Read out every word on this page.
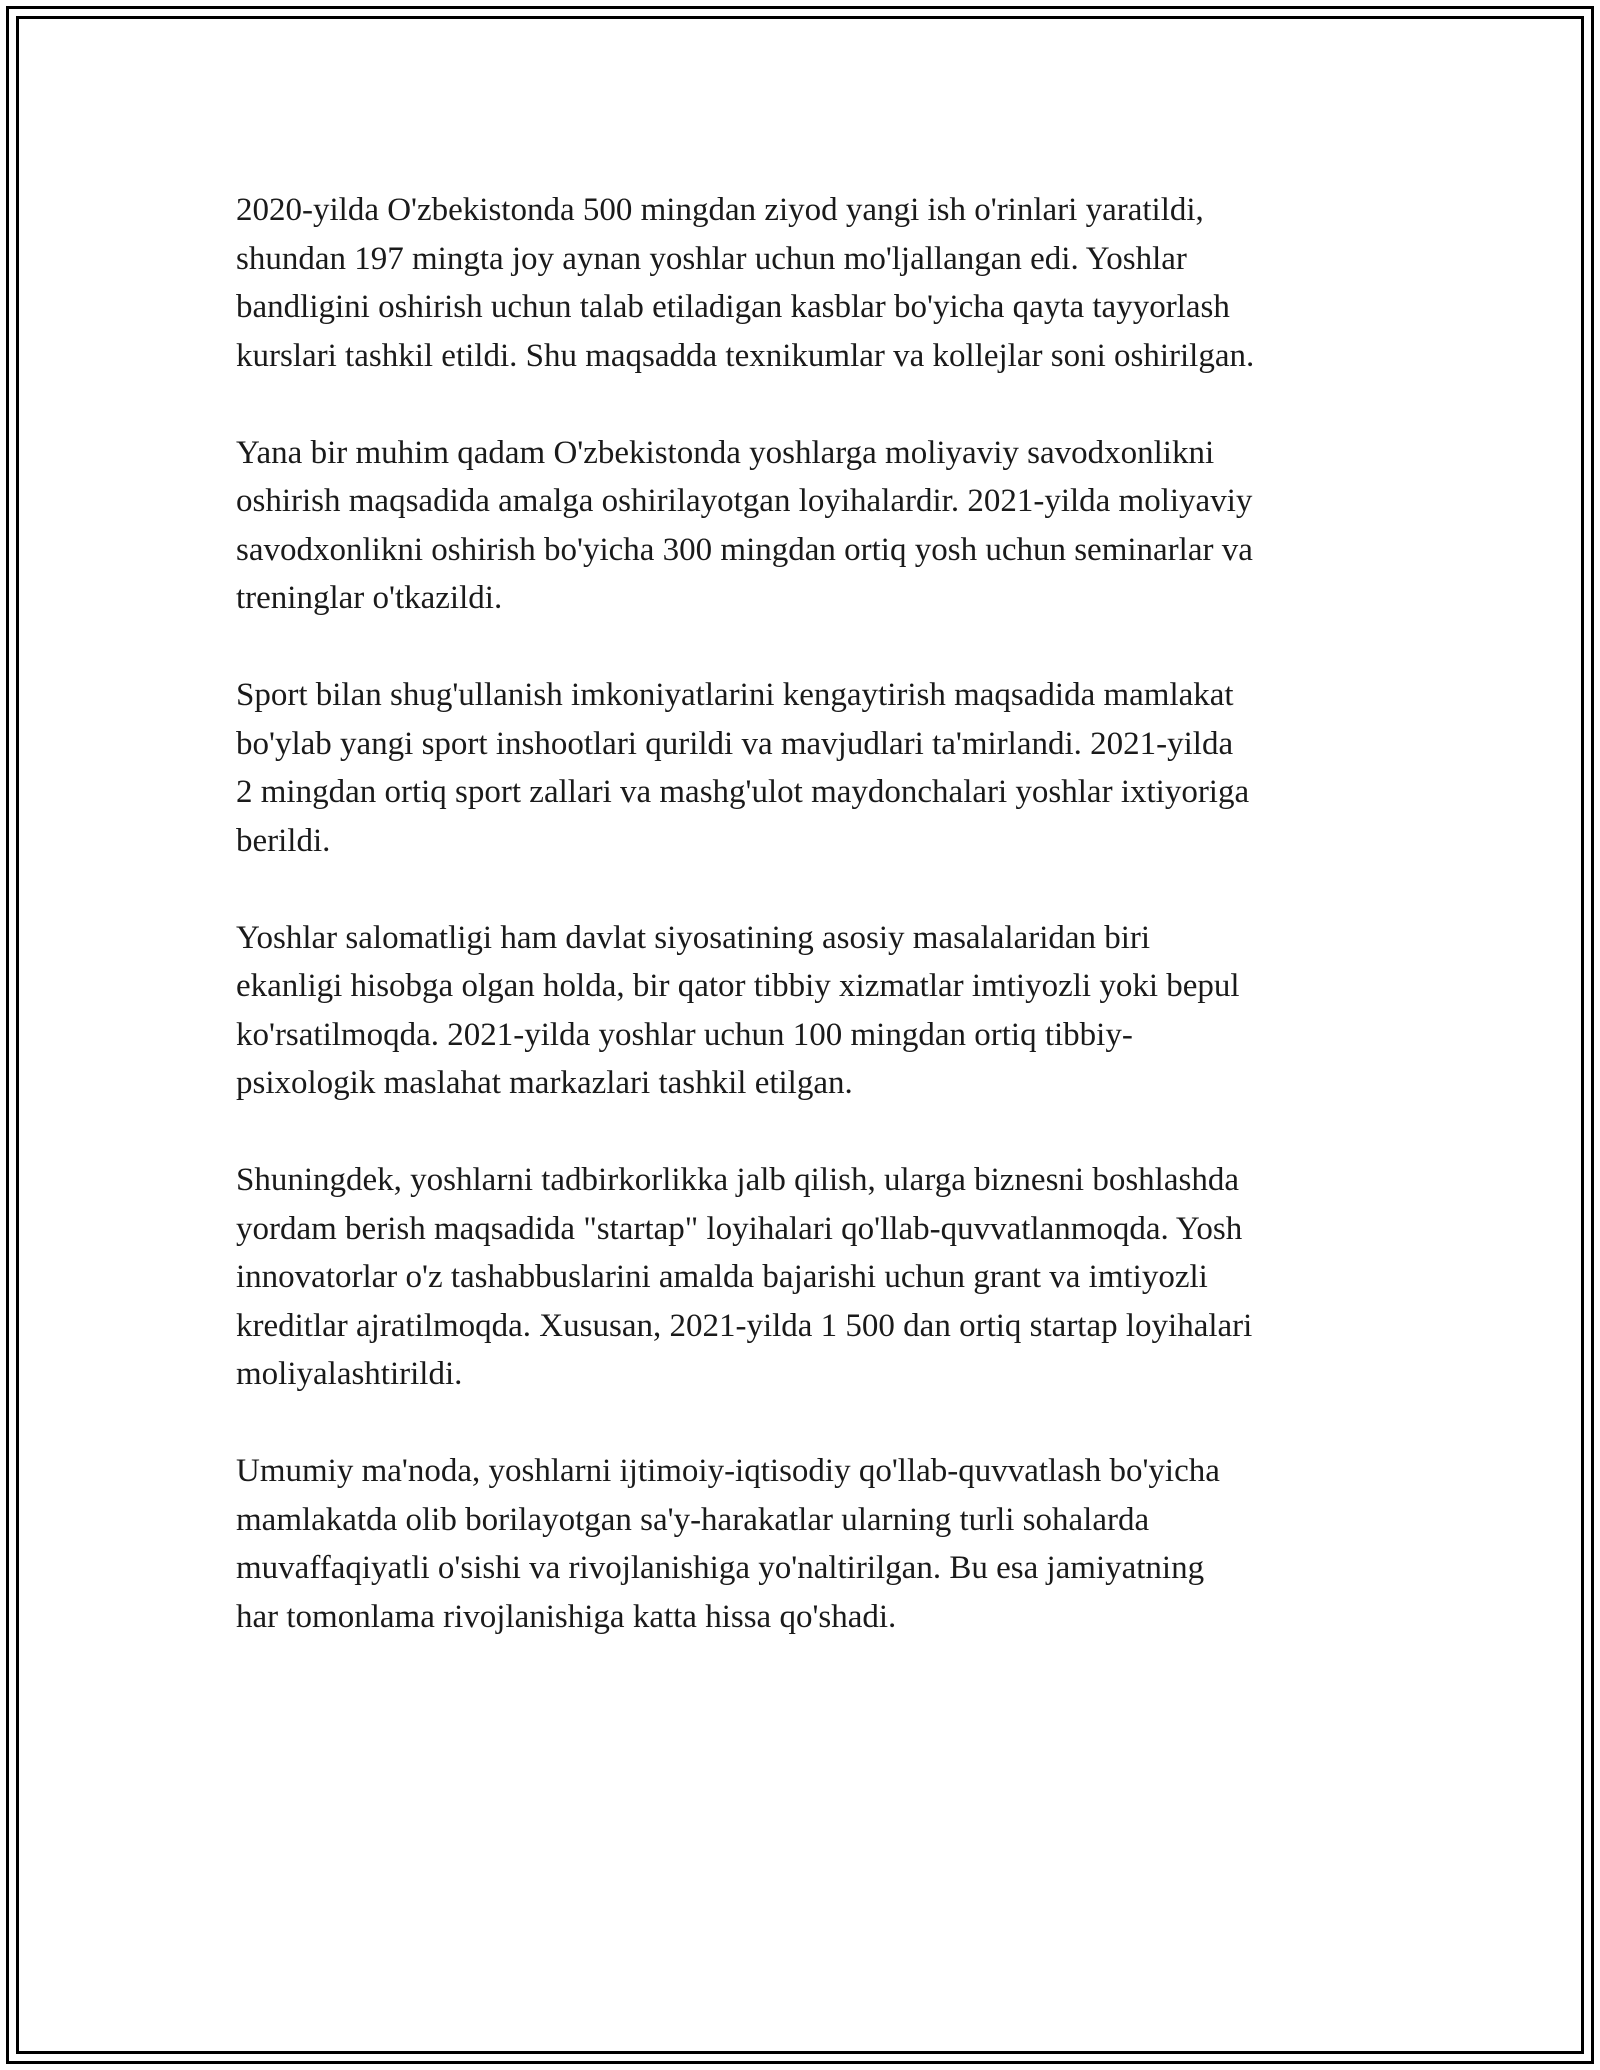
2020-yilda O'zbekistonda 500 mingdan ziyod yangi ish o'rinlari yaratildi,
shundan 197 mingta joy aynan yoshlar uchun mo'ljallangan edi. Yoshlar
bandligini oshirish uchun talab etiladigan kasblar bo'yicha qayta tayyorlash
kurslari tashkil etildi. Shu maqsadda texnikumlar va kollejlar soni oshirilgan.

Yana bir muhim qadam O'zbekistonda yoshlarga moliyaviy savodxonlikni
oshirish maqsadida amalga oshirilayotgan loyihalardir. 2021-yilda moliyaviy
savodxonlikni oshirish bo'yicha 300 mingdan ortiq yosh uchun seminarlar va
treninglar o'tkazildi.

Sport bilan shug'ullanish imkoniyatlarini kengaytirish maqsadida mamlakat
bo'ylab yangi sport inshootlari qurildi va mavjudlari ta'mirlandi. 2021-yilda
2 mingdan ortiq sport zallari va mashg'ulot maydonchalari yoshlar ixtiyoriga
berildi.

Yoshlar salomatligi ham davlat siyosatining asosiy masalalaridan biri
ekanligi hisobga olgan holda, bir qator tibbiy xizmatlar imtiyozli yoki bepul
ko'rsatilmoqda. 2021-yilda yoshlar uchun 100 mingdan ortiq tibbiy-
psixologik maslahat markazlari tashkil etilgan.

Shuningdek, yoshlarni tadbirkorlikka jalb qilish, ularga biznesni boshlashda
yordam berish maqsadida "startap" loyihalari qo'llab-quvvatlanmoqda. Yosh
innovatorlar o'z tashabbuslarini amalda bajarishi uchun grant va imtiyozli
kreditlar ajratilmoqda. Xususan, 2021-yilda 1 500 dan ortiq startap loyihalari
moliyalashtirildi.

Umumiy ma'noda, yoshlarni ijtimoiy-iqtisodiy qo'llab-quvvatlash bo'yicha
mamlakatda olib borilayotgan sa'y-harakatlar ularning turli sohalarda
muvaffaqiyatli o'sishi va rivojlanishiga yo'naltirilgan. Bu esa jamiyatning
har tomonlama rivojlanishiga katta hissa qo'shadi.
